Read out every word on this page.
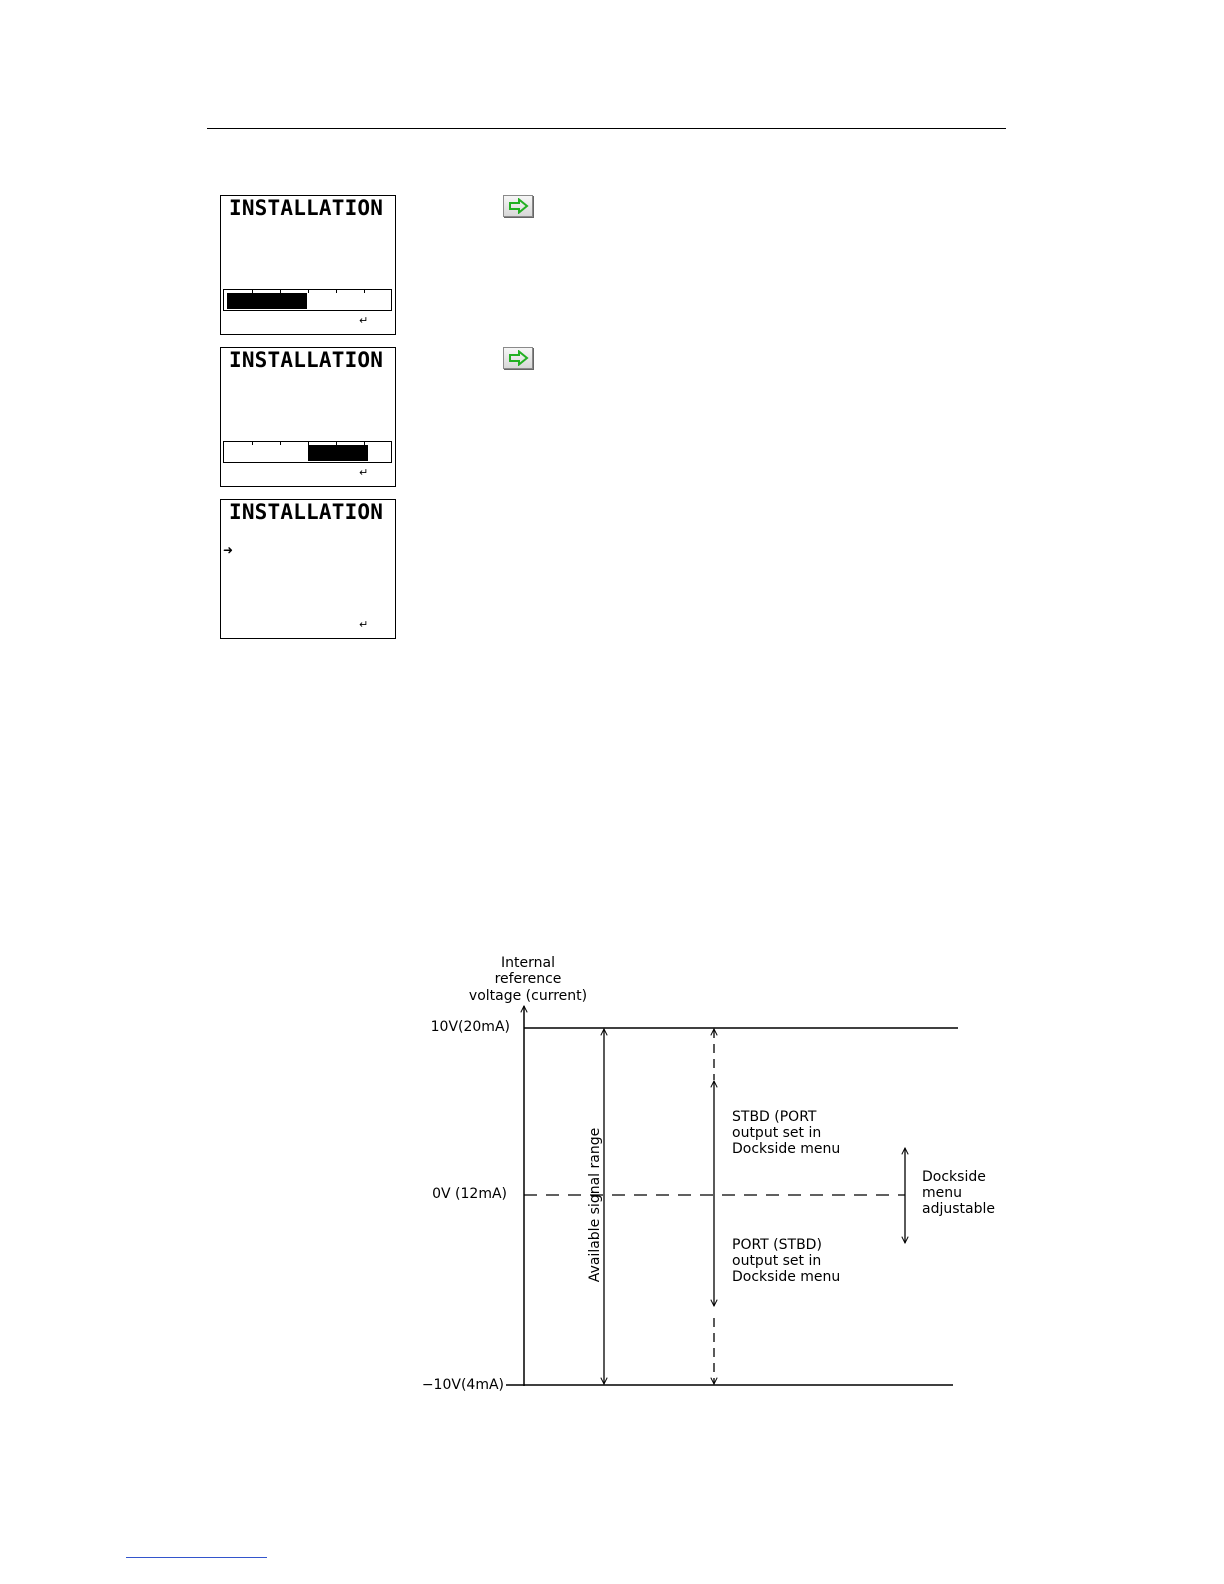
INSTALLATION
↵
INSTALLATION
↵
INSTALLATION
➜
↵
Internal
reference
voltage (current)
10V(20mA)
0V (12mA)
−10V(4mA)
Available signal range
STBD (PORT
output set in
Dockside menu
PORT (STBD)
output set in
Dockside menu
Dockside
menu
adjustable
